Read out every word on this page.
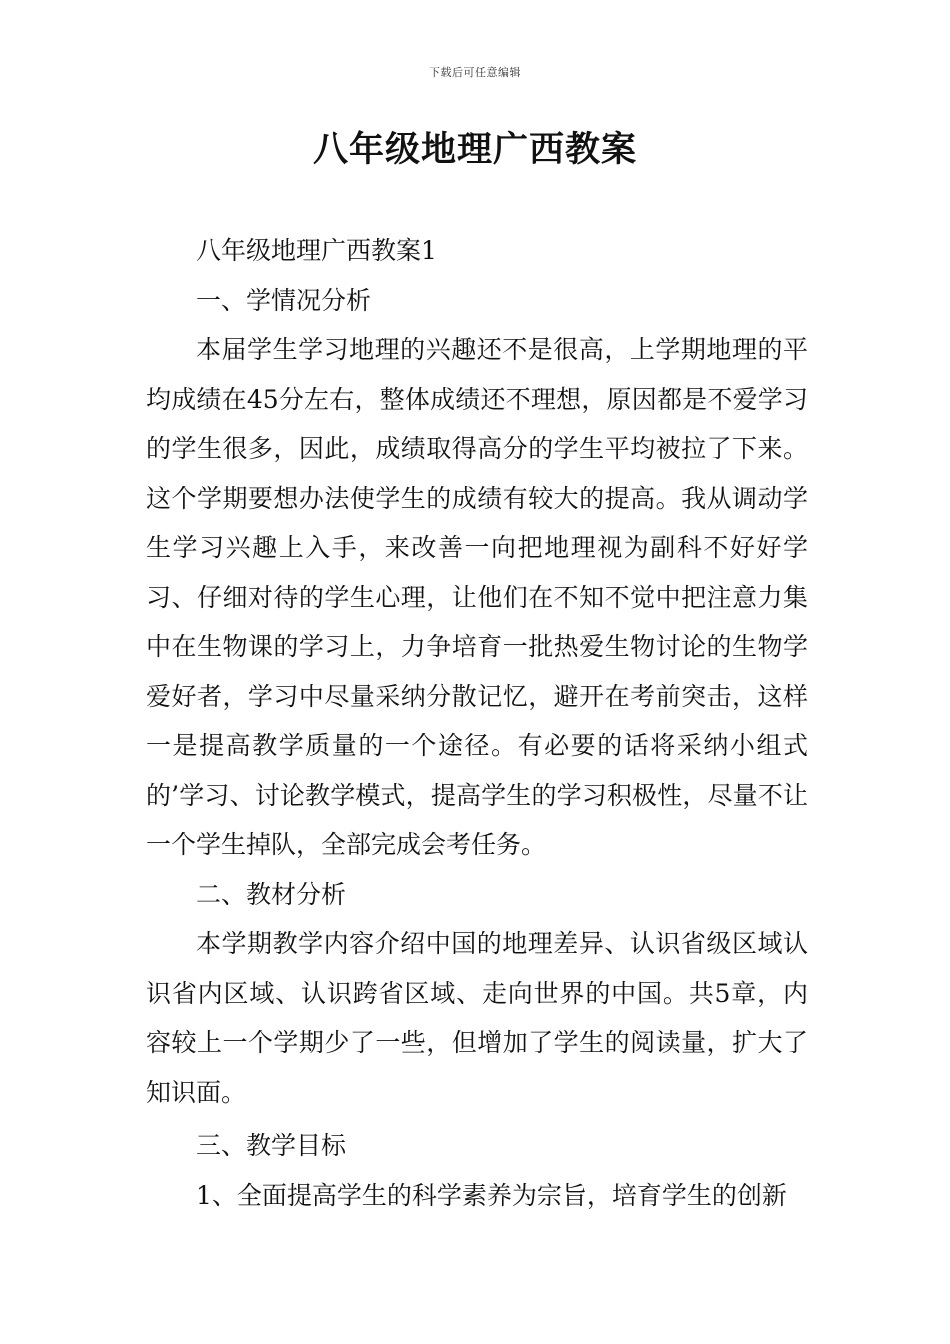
下载后可任意编辑
八年级地理广西教案

八年级地理广西教案1

一、学情况分析

本届学生学习地理的兴趣还不是很高，上学期地理的平均成绩在45分左右，整体成绩还不理想，原因都是不爱学习的学生很多，因此，成绩取得高分的学生平均被拉了下来。这个学期要想办法使学生的成绩有较大的提高。我从调动学生学习兴趣上入手，来改善一向把地理视为副科不好好学习、仔细对待的学生心理，让他们在不知不觉中把注意力集中在生物课的学习上，力争培育一批热爱生物讨论的生物学爱好者，学习中尽量采纳分散记忆，避开在考前突击，这样一是提高教学质量的一个途径。有必要的话将采纳小组式的’学习、讨论教学模式，提高学生的学习积极性，尽量不让一个学生掉队，全部完成会考任务。

二、教材分析

本学期教学内容介绍中国的地理差异、认识省级区域认识省内区域、认识跨省区域、走向世界的中国。共5章，内容较上一个学期少了一些，但增加了学生的阅读量，扩大了知识面。

三、教学目标

1、全面提高学生的科学素养为宗旨，培育学生的创新
